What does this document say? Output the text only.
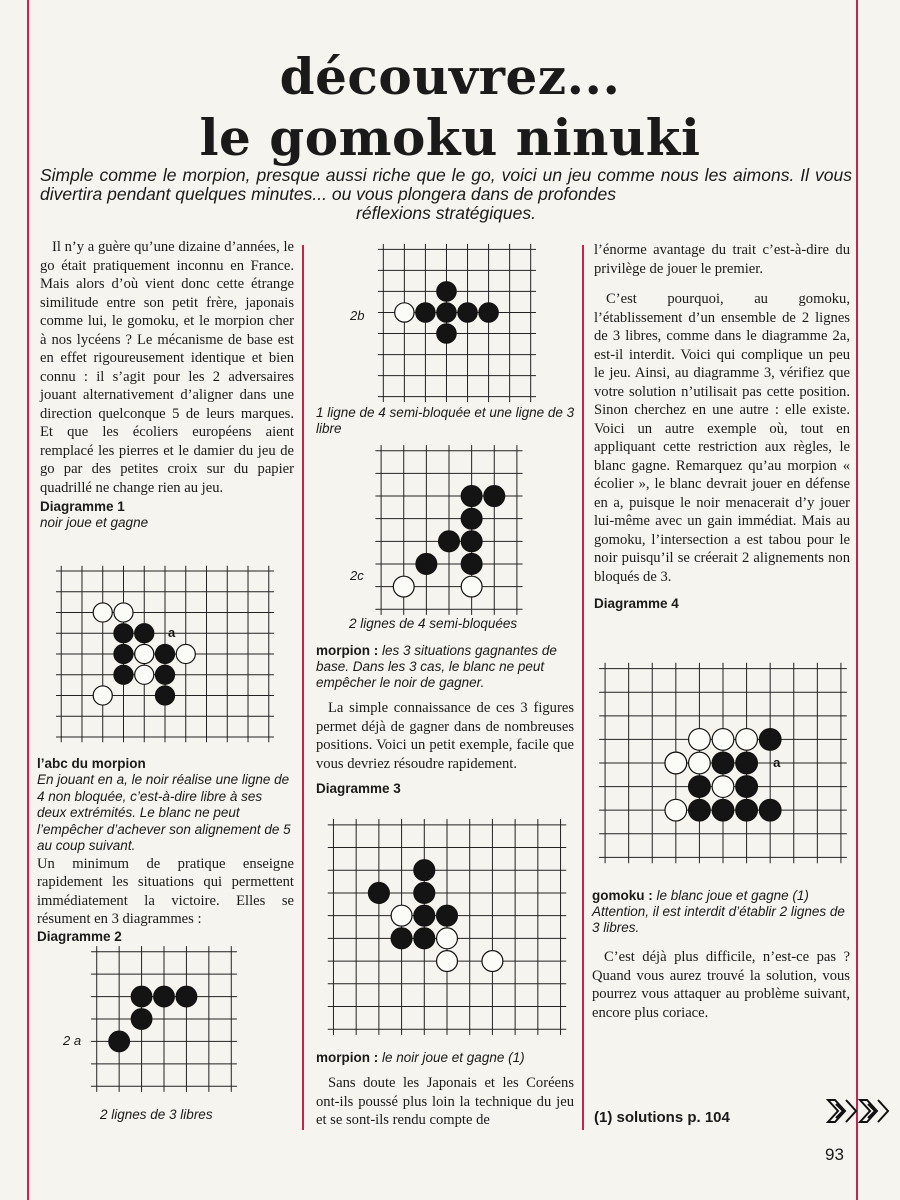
découvrez...
le gomoku ninuki
Simple comme le morpion, presque aussi riche que le go, voici un jeu comme nous les aimons. Il vous divertira pendant quelques minutes... ou vous plongera dans de profondes
réflexions stratégiques.

Il n’y a guère qu’une dizaine d’années, le go était pratiquement inconnu en France. Mais alors d’où vient donc cette étrange similitude entre son petit frère, japonais comme lui, le gomoku, et le morpion cher à nos lycéens ? Le mécanisme de base est en effet rigoureusement identique et bien connu : il s’agit pour les 2 adversaires jouant alternativement d’aligner dans une direction quelconque 5 de leurs marques. Et que les écoliers européens aient remplacé les pierres et le damier du jeu de go par des petites croix sur du papier quadrillé ne change rien au jeu.

Diagramme 1
noir joue et gagne
a
l’abc du morpion
En jouant en a, le noir réalise une ligne de 4 non bloquée, c’est-à-dire libre à ses deux extrémités. Le blanc ne peut l’empêcher d’achever son alignement de 5 au coup suivant.

Un minimum de pratique enseigne rapidement les situations qui permettent immédiatement la victoire. Elles se résument en 3 diagrammes :

Diagramme 2
2 a
2 lignes de 3 libres
2b
1 ligne de 4 semi-bloquée et une ligne de 3 libre
2c
2 lignes de 4 semi-bloquées
morpion : les 3 situations gagnantes de base. Dans les 3 cas, le blanc ne peut empêcher le noir de gagner.

La simple connaissance de ces 3 figures permet déjà de gagner dans de nombreuses positions. Voici un petit exemple, facile que vous devriez résoudre rapidement.

Diagramme 3
morpion : le noir joue et gagne (1)

Sans doute les Japonais et les Coréens ont-ils poussé plus loin la technique du jeu et se sont-ils rendu compte de

l’énorme avantage du trait c’est-à-dire du privilège de jouer le premier.

C’est pourquoi, au gomoku, l’établissement d’un ensemble de 2 lignes de 3 libres, comme dans le diagramme 2a, est-il interdit. Voici qui complique un peu le jeu. Ainsi, au diagramme 3, vérifiez que votre solution n’utilisait pas cette position. Sinon cherchez en une autre : elle existe. Voici un autre exemple où, tout en appliquant cette restriction aux règles, le blanc gagne. Remarquez qu’au morpion « écolier », le blanc devrait jouer en défense en a, puisque le noir menacerait d’y jouer lui-même avec un gain immédiat. Mais au gomoku, l’intersection a est tabou pour le noir puisqu’il se créerait 2 alignements non bloqués de 3.

Diagramme 4
a
gomoku : le blanc joue et gagne (1)
Attention, il est interdit d’établir 2 lignes de 3 libres.

C’est déjà plus difficile, n’est-ce pas ? Quand vous aurez trouvé la solution, vous pourrez vous attaquer au problème suivant, encore plus coriace.

(1) solutions p. 104
93
